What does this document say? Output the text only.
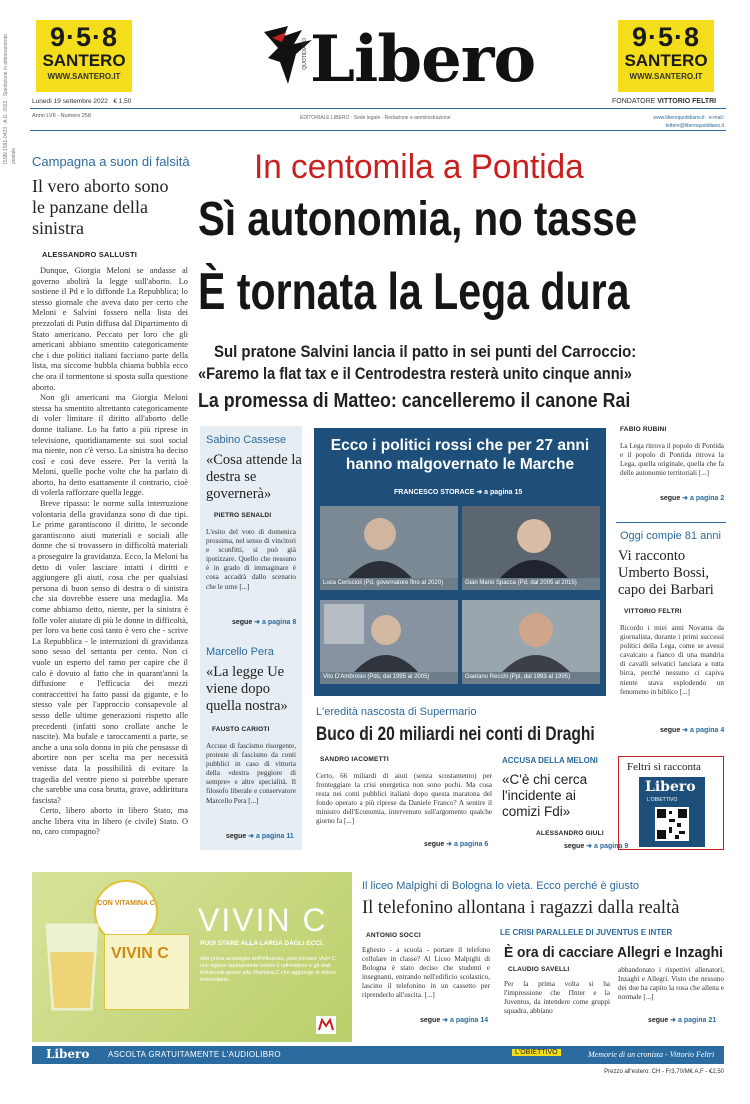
ISSN 1591-0423 · A.D. 2022 · Spedizione in abbonamento postale
9·5·8
SANTERO
WWW.SANTERO.IT
9·5·8
SANTERO
WWW.SANTERO.IT
QUOTIDIANO Libero
Lunedì 19 settembre 2022 € 1,50	FONDATORE VITTORIO FELTRI
Anno LVII - Numero 258	EDITORIALE LIBERO · Sede legale · Redazione e amministrazione	www.liberoquotidiano.it · e-mail: lettere@liberoquotidiano.it
Campagna a suon di falsità
Il vero aborto sono le panzane della sinistra
ALESSANDRO SALLUSTI

Dunque, Giorgia Meloni se andasse al governo abolirà la legge sull'aborto. Lo sostiene il Pd e lo diffonde La Repubblica; lo stesso giornale che aveva dato per certo che Meloni e Salvini fossero nella lista dei prezzolati di Putin diffusa dal Dipartimento di Stato americano. Peccato per loro che gli americani abbiano smentito categoricamente che i due politici italiani facciano parte della lista, ma siccome bubbla chiama bubbla ecco che ora il tormentone si sposta sulla questione aborto.

Non gli americani ma Giorgia Meloni stessa ha smentito altrettanto categoricamente di voler limitare il diritto all'aborto delle donne italiane. Lo ha fatto a più riprese in televisione, quotidianamente sui suoi social ma niente, non c'è verso. La sinistra ha deciso così e così deve essere. Per la verità la Meloni, quelle poche volte che ha parlato di aborto, ha detto esattamente il contrario, cioè di volerla rafforzare quella legge.

Breve ripasso: le norme sulla interruzione volontaria della gravidanza sono di due tipi. Le prime garantiscono il diritto, le seconde garantiscono aiuti materiali e sociali alle donne che si trovassero in difficoltà materiali a proseguire la gravidanza. Ecco, la Meloni ha detto di voler lasciare intatti i diritti e aggiungere gli aiuti, cosa che per qualsiasi persona di buon senso di destra o di sinistra che sia dovrebbe essere una medaglia. Ma come abbiamo detto, niente, per la sinistra è folle voler aiutare di più le donne in difficoltà, per loro va bene così tanto è vero che - scrive La Repubblica - le interruzioni di gravidanza sono sesso del settanta per cento. Non ci vuole un esperto del ramo per capire che il calo è dovuto al fatto che in quarant'anni la diffusione e l'efficacia dei mezzi contraccettivi ha fatto passi da gigante, e lo stesso vale per l'approccio consapevole al sesso delle ultime generazioni rispetto alle precedenti (infatti sono crollate anche le nascite). Ma bufale e taroccamenti a parte, se anche a una sola donna in più che pensasse di abortire non per scelta ma per necessità venisse data la possibilità di evitare la tragedia del ventre pieno si potrebbe sperare che sarebbe una cosa brutta, grave, addirittura fascista?

Certo, libero aborto in libero Stato, ma anche libera vita in libero (e civile) Stato. O no, caro compagno?

In centomila a Pontida
Sì autonomia, no tasse
È tornata la Lega dura
Sul pratone Salvini lancia il patto in sei punti del Carroccio:
«Faremo la flat tax e il Centrodestra resterà unito cinque anni»
La promessa di Matteo: cancelleremo il canone Rai
Sabino Cassese
«Cosa attende la destra se governerà»
PIETRO SENALDI
L'esito del voto di domenica prossima, nel senso di vincitori e sconfitti, si può già ipotizzare. Quello che nessuno è in grado di immaginare è cosa accadrà dallo scenario che le urne [...]
segue ➜ a pagina 8
Marcello Pera
«La legge Ue viene dopo quella nostra»
FAUSTO CARIOTI
Accuse di fascismo risorgente, proteste di fascismo da conti pubblici in caso di vittoria della «destra peggiore di sempre» e altre specialità. Il filosofo liberale e conservatore Marcello Pera [...]
segue ➜ a pagina 11
Ecco i politici rossi che per 27 anni hanno malgovernato le Marche
FRANCESCO STORACE ➜ a pagina 15
Luca Ceriscioli (Pd, governatore fino al 2020)	Gian Mario Spacca (Pd, dal 2005 al 2015)
Vito D'Ambrosio (Pds, dal 1995 al 2005)	Gaetano Recchi (Ppi, dal 1993 al 1995)
FABIO RUBINI
La Lega ritrova il popolo di Pontida e il popolo di Pontida ritrova la Lega, quella originale, quella che fa delle autonomie territoriali [...]
segue ➜ a pagina 2
Oggi compie 81 anni
Vi racconto Umberto Bossi, capo dei Barbari
VITTORIO FELTRI
Ricordo i miei anni Novanta da giornalista, durante i primi successi politici della Lega, come se avessi cavalcato a fianco di una mandria di cavalli selvatici lanciata a tutta birra, perché nessuno ci capiva niente stava esplodendo un fenomeno in biblico [...]
segue ➜ a pagina 4
Feltri si racconta
Libero
L'OBIETTIVO
L'eredità nascosta di Supermario
Buco di 20 miliardi nei conti di Draghi
SANDRO IACOMETTI
Certo, 66 miliardi di aiuti (senza scostamento) per fronteggiare la crisi energetica non sono pochi. Ma cosa resta nei conti pubblici italiani dopo questa maratona del fondo operato a più riprese da Daniele Franco? A sentire il ministro dell'Economia, intervenuto sull'argomento qualche giorno fa [...]
segue ➜ a pagina 6
ACCUSA DELLA MELONI
«C'è chi cerca l'incidente ai comizi Fdi»
ALESSANDRO GIULI
segue ➜ a pagina 9
CON VITAMINA C
VIVIN C
VIVIN C
PUOI STARE ALLA LARGA DAGLI ECCI.
Alla prima avvisaglia dell'influenza, puoi provare Vivin C che agisce rapidamente contro il raffreddore e gli stati influenzali grazie alla Vitamina C che aggiunge le difese immunitarie.
Il liceo Malpighi di Bologna lo vieta. Ecco perché è giusto
Il telefonino allontana i ragazzi dalla realtà
ANTONIO SOCCI
Eghesto - a scuola - portare il telefono cellulare in classe? Al Liceo Malpighi di Bologna è stato deciso che studenti e insegnanti, entrando nell'edificio scolastico, lascino il telefonino in un cassetto per riprenderlo all'uscita. [...]
segue ➜ a pagina 14
LE CRISI PARALLELE DI JUVENTUS E INTER
È ora di cacciare Allegri e Inzaghi
CLAUDIO SAVELLI
Per la prima volta si ha l'impressione che l'Inter e la Juventus, da intendere come gruppi squadra, abbiano
abbandonato i rispettivi allenatori, Inzaghi e Allegri. Visto che nessuno dei due ha capito la rosa che allena e normale [...]
segue ➜ a pagina 21
Libero ASCOLTA GRATUITAMENTE L'AUDIOLIBRO	L'OBIETTIVO	Memorie di un cronista - Vittorio Feltri
Prezzo all'estero: CH - Fr3,70/M€ A,F - €2,50
